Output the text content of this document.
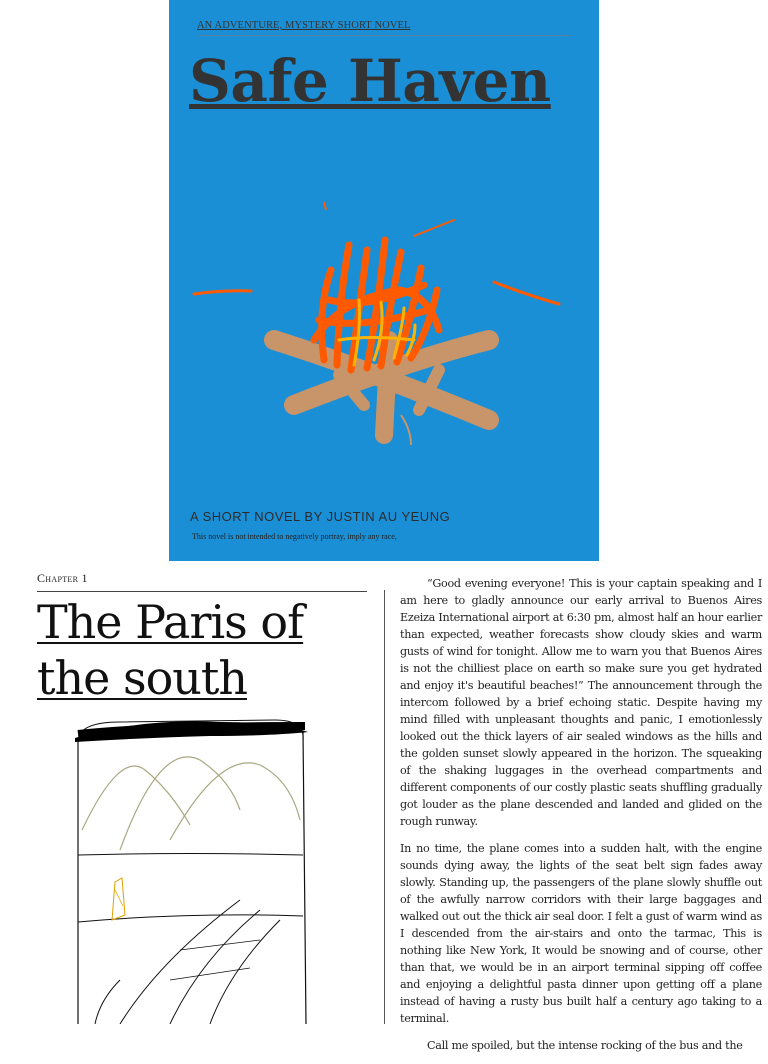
AN ADVENTURE, MYSTERY SHORT NOVEL
Safe Haven
A SHORT NOVEL BY JUSTIN AU YEUNG
This novel is not intended to negatively portray, imply any race,
Chapter 1
The Paris of the south

“Good evening everyone! This is your captain speaking and I am here to gladly announce our early arrival to Buenos Aires Ezeiza International airport at 6:30 pm, almost half an hour earlier than expected, weather forecasts show cloudy skies and warm gusts of wind for tonight. Allow me to warn you that Buenos Aires is not the chilliest place on earth so make sure you get hydrated and enjoy it's beautiful beaches!” The announcement through the intercom followed by a brief echoing static. Despite having my mind filled with unpleasant thoughts and panic, I emotionlessly looked out the thick layers of air sealed windows as the hills and the golden sunset slowly appeared in the horizon. The squeaking of the shaking luggages in the overhead compartments and different components of our costly plastic seats shuffling gradually got louder as the plane descended and landed and glided on the rough runway.

In no time, the plane comes into a sudden halt, with the engine sounds dying away, the lights of the seat belt sign fades away slowly. Standing up, the passengers of the plane slowly shuffle out of the awfully narrow corridors with their large baggages and walked out out the thick air seal door. I felt a gust of warm wind as I descended from the air-stairs and onto the tarmac, This is nothing like New York, It would be snowing and of course, other than that, we would be in an airport terminal sipping off coffee and enjoying a delightful pasta dinner upon getting off a plane instead of having a rusty bus built half a century ago taking to a terminal.

Call me spoiled, but the intense rocking of the bus and the
